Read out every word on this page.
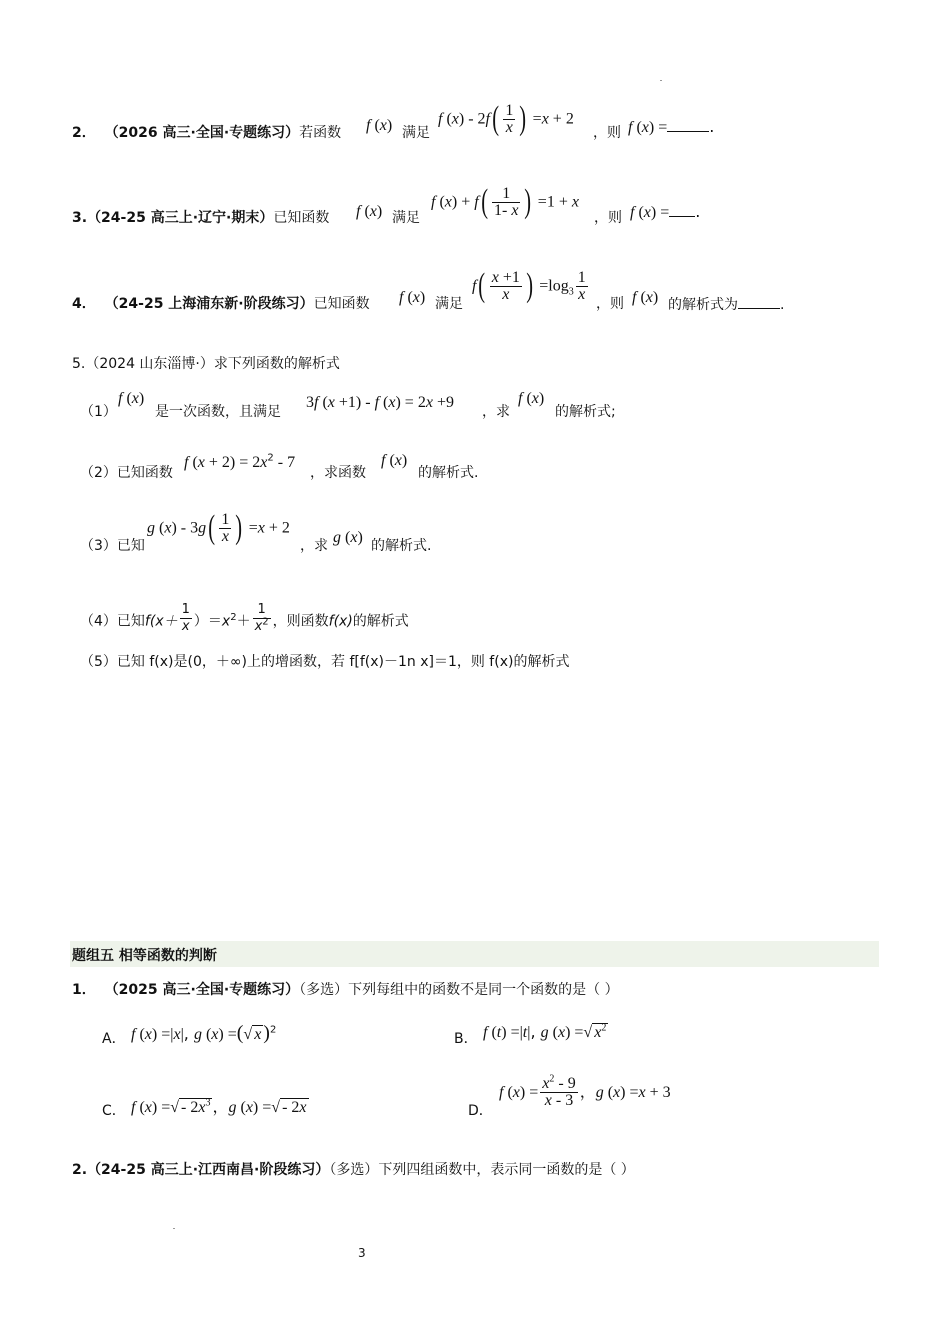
2． （2026 高三·全国·专题练习）若函数 f (x) 满足
f $(x) - 2f( \frac{1}{x}$ ) =x + 2
，则 f (x) =	.
3.（24-25 高三上·辽宁·期末）已知函数 f (x) 满足
f $(x) + f( \frac{1}{1- x}$ ) =1 + x
，则 f (x) = .
4． （24-25 上海浦东新·阶段练习）已知函数 f (x) 满足
$f( \frac{x +1}{x}$ ) $=\log_3 \frac{1}{x}$
，则 f (x) 的解析式为	.
5.（2024 山东淄博·）求下列函数的解析式
（1）
f (x)
是一次函数，且满足
3f (x +1) - f (x) = 2x +9
，求
f (x)
的解析式;
（2）已知函数
f $(x + 2) = 2x^2 - 7$
，求函数
f (x)
的解析式.
（3）已知
g $(x) - 3g( \frac{1}{x}$ ) =x + 2
，求 g (x) 的解析式.
（4）已知$f(x+ \frac{1}{x} )=x^2+ \frac{1}{x^2}$ ，则函数f(x)的解析式
（5）已知 f(x)是(0，＋∞)上的增函数，若 f[f(x)－1n x]＝1，则 f(x)的解析式
题组五 相等函数的判断
1． （2025 高三·全国·专题练习）（多选）下列每组中的函数不是同一个函数的是（ ）
A． f (x) =|x|, g (x) =(√ x )$^2$
B． f (t) =|t|, g (x) =√ $x^2$
C． f (x) =√ - $2x^3$ ，g (x) =√ - 2x	D．
f $(x) = \frac{x^2 - 9}{x - 3}$ ，g (x) =x + 3
2.（24-25 高三上·江西南昌·阶段练习）（多选）下列四组函数中，表示同一函数的是（ ）
3
